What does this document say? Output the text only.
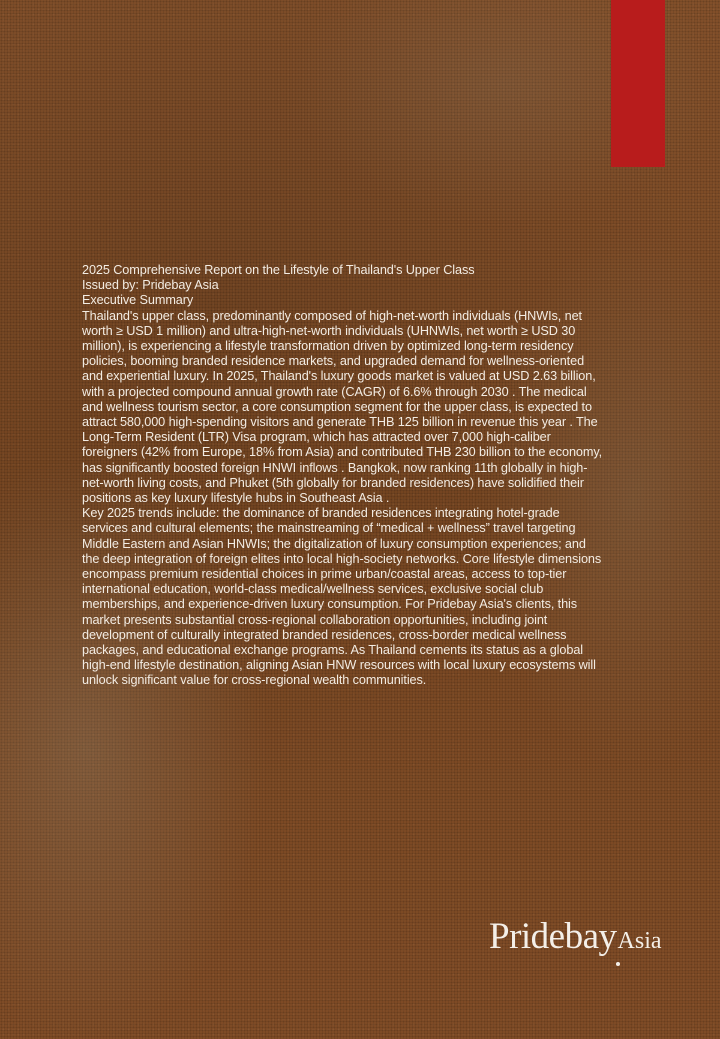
2025 Comprehensive Report on the Lifestyle of Thailand's Upper Class

Issued by: Pridebay Asia

Executive Summary

Thailand's upper class, predominantly composed of high-net-worth individuals (HNWIs, net worth ≥ USD 1 million) and ultra-high-net-worth individuals (UHNWIs, net worth ≥ USD 30 million), is experiencing a lifestyle transformation driven by optimized long-term residency policies, booming branded residence markets, and upgraded demand for wellness-oriented and experiential luxury. In 2025, Thailand's luxury goods market is valued at USD 2.63 billion, with a projected compound annual growth rate (CAGR) of 6.6% through 2030 . The medical and wellness tourism sector, a core consumption segment for the upper class, is expected to attract 580,000 high-spending visitors and generate THB 125 billion in revenue this year . The Long-Term Resident (LTR) Visa program, which has attracted over 7,000 high-caliber foreigners (42% from Europe, 18% from Asia) and contributed THB 230 billion to the economy, has significantly boosted foreign HNWI inflows . Bangkok, now ranking 11th globally in high-net-worth living costs, and Phuket (5th globally for branded residences) have solidified their positions as key luxury lifestyle hubs in Southeast Asia .

Key 2025 trends include: the dominance of branded residences integrating hotel-grade services and cultural elements; the mainstreaming of “medical + wellness” travel targeting Middle Eastern and Asian HNWIs; the digitalization of luxury consumption experiences; and the deep integration of foreign elites into local high-society networks. Core lifestyle dimensions encompass premium residential choices in prime urban/coastal areas, access to top-tier international education, world-class medical/wellness services, exclusive social club memberships, and experience-driven luxury consumption. For Pridebay Asia's clients, this market presents substantial cross-regional collaboration opportunities, including joint development of culturally integrated branded residences, cross-border medical wellness packages, and educational exchange programs. As Thailand cements its status as a global high-end lifestyle destination, aligning Asian HNW resources with local luxury ecosystems will unlock significant value for cross-regional wealth communities.

PridebayAsia
